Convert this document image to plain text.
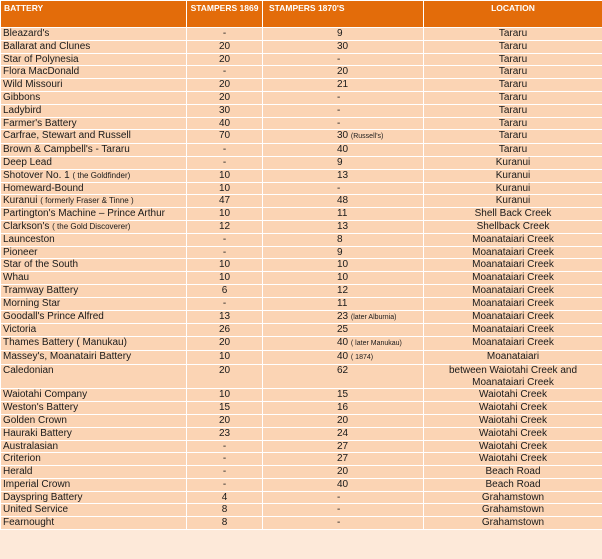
BATTERY	STAMPERS 1869	STAMPERS 1870'S	LOCATION
Bleazard's	-	9	Tararu
Ballarat and Clunes	20	30	Tararu
Star of Polynesia	20	-	Tararu
Flora MacDonald	-	20	Tararu
Wild Missouri	20	21	Tararu
Gibbons	20	-	Tararu
Ladybird	30	-	Tararu
Farmer's Battery	40	-	Tararu
Carfrae, Stewart and Russell	70	30 (Russell's)	Tararu
Brown & Campbell's - Tararu	-	40	Tararu
Deep Lead	-	9	Kuranui
Shotover No. 1 ( the Goldfinder)	10	13	Kuranui
Homeward-Bound	10	-	Kuranui
Kuranui ( formerly Fraser & Tinne )	47	48	Kuranui
Partington's Machine – Prince Arthur	10	11	Shell Back Creek
Clarkson's ( the Gold Discoverer)	12	13	Shellback Creek
Launceston	-	8	Moanataiari Creek
Pioneer	-	9	Moanataiari Creek
Star of the South	10	10	Moanataiari Creek
Whau	10	10	Moanataiari Creek
Tramway Battery	6	12	Moanataiari Creek
Morning Star	-	11	Moanataiari Creek
Goodall's Prince Alfred	13	23 (later Alburnia)	Moanataiari Creek
Victoria	26	25	Moanataiari Creek
Thames Battery ( Manukau)	20	40 ( later Manukau)	Moanataiari Creek
Massey's, Moanatairi Battery	10	40 ( 1874)	Moanataiari
Caledonian	20	62	between Waiotahi Creek and Moanataiari Creek
Waiotahi Company	10	15	Waiotahi Creek
Weston's Battery	15	16	Waiotahi Creek
Golden Crown	20	20	Waiotahi Creek
Hauraki Battery	23	24	Waiotahi Creek
Australasian	-	27	Waiotahi Creek
Criterion	-	27	Waiotahi Creek
Herald	-	20	Beach Road
Imperial Crown	-	40	Beach Road
Dayspring Battery	4	-	Grahamstown
United Service	8	-	Grahamstown
Fearnought	8	-	Grahamstown
